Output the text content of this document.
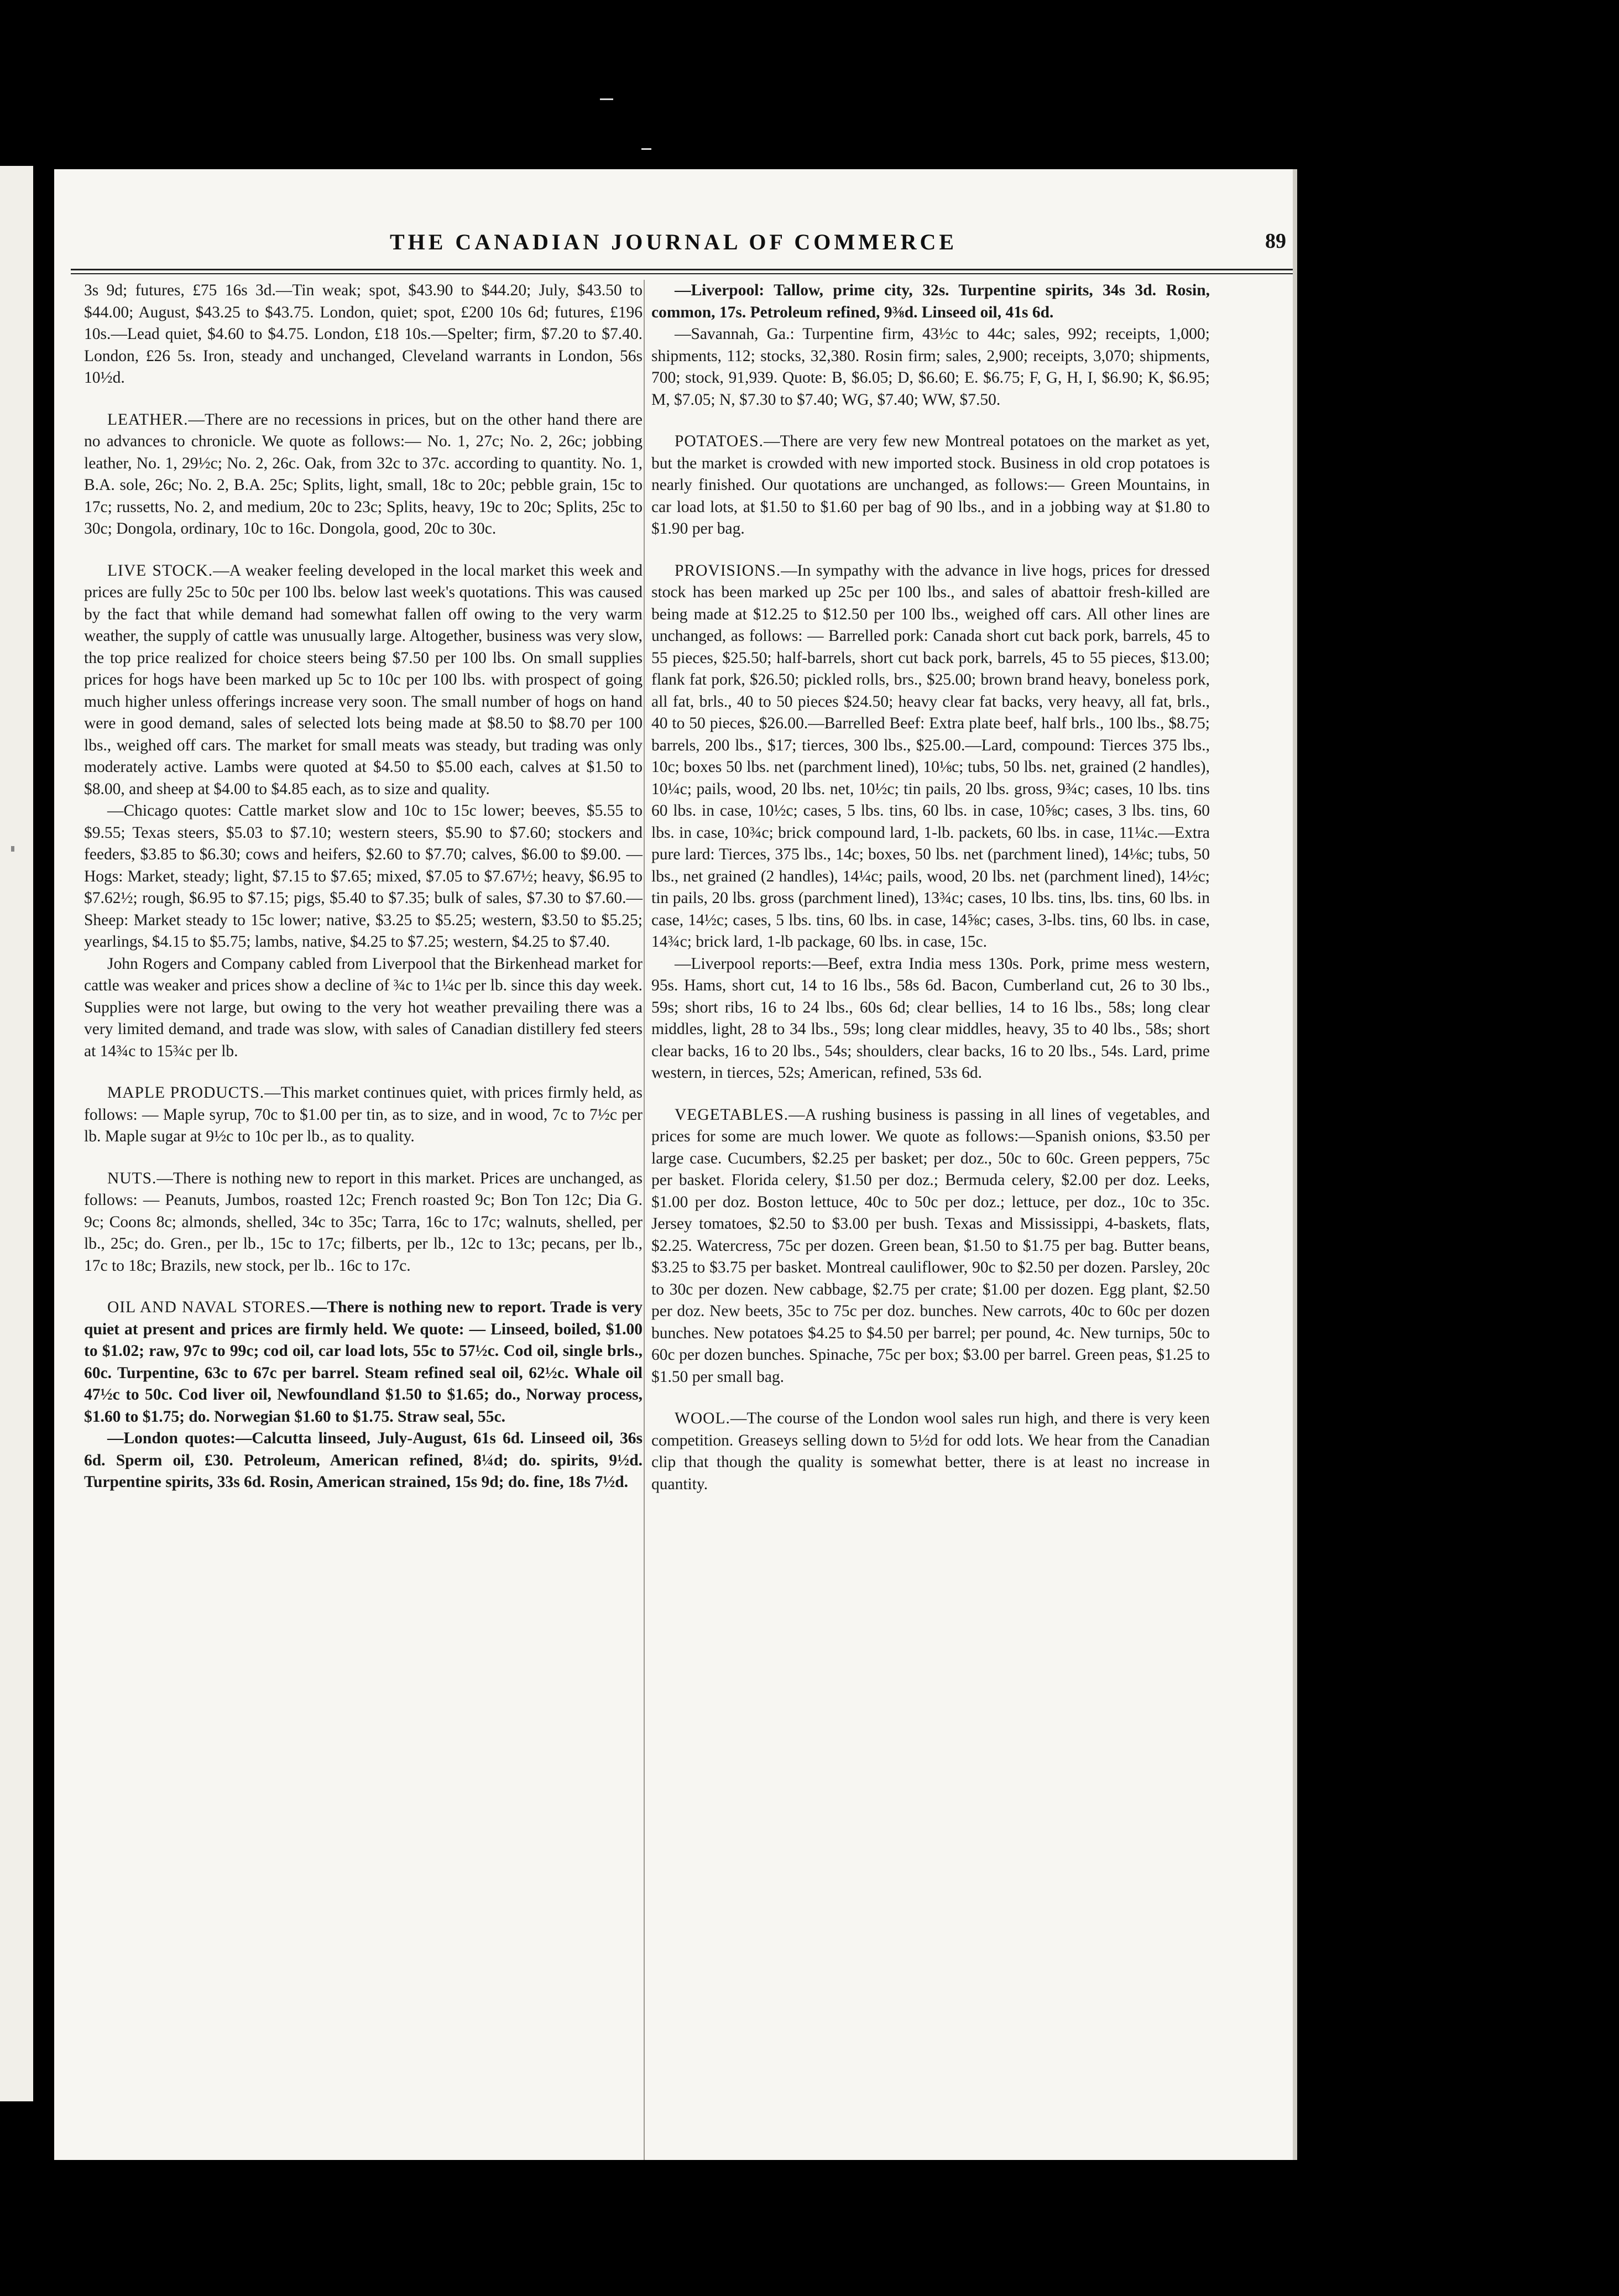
THE CANADIAN JOURNAL OF COMMERCE	89

3s 9d; futures, £75 16s 3d.—Tin weak; spot, $43.90 to $44.20; July, $43.50 to $44.00; August, $43.25 to $43.75. London, quiet; spot, £200 10s 6d; futures, £196 10s.—Lead quiet, $4.60 to $4.75. London, £18 10s.—Spelter; firm, $7.20 to $7.40. London, £26 5s. Iron, steady and unchanged, Cleveland warrants in London, 56s 10½d.

LEATHER.—There are no recessions in prices, but on the other hand there are no advances to chronicle. We quote as follows:— No. 1, 27c; No. 2, 26c; jobbing leather, No. 1, 29½c; No. 2, 26c. Oak, from 32c to 37c. according to quantity. No. 1, B.A. sole, 26c; No. 2, B.A. 25c; Splits, light, small, 18c to 20c; pebble grain, 15c to 17c; russetts, No. 2, and medium, 20c to 23c; Splits, heavy, 19c to 20c; Splits, 25c to 30c; Dongola, ordinary, 10c to 16c. Dongola, good, 20c to 30c.

LIVE STOCK.—A weaker feeling developed in the local market this week and prices are fully 25c to 50c per 100 lbs. below last week's quotations. This was caused by the fact that while demand had somewhat fallen off owing to the very warm weather, the supply of cattle was unusually large. Altogether, business was very slow, the top price realized for choice steers being $7.50 per 100 lbs. On small supplies prices for hogs have been marked up 5c to 10c per 100 lbs. with prospect of going much higher unless offerings increase very soon. The small number of hogs on hand were in good demand, sales of selected lots being made at $8.50 to $8.70 per 100 lbs., weighed off cars. The market for small meats was steady, but trading was only moderately active. Lambs were quoted at $4.50 to $5.00 each, calves at $1.50 to $8.00, and sheep at $4.00 to $4.85 each, as to size and quality.

—Chicago quotes: Cattle market slow and 10c to 15c lower; beeves, $5.55 to $9.55; Texas steers, $5.03 to $7.10; western steers, $5.90 to $7.60; stockers and feeders, $3.85 to $6.30; cows and heifers, $2.60 to $7.70; calves, $6.00 to $9.00. —Hogs: Market, steady; light, $7.15 to $7.65; mixed, $7.05 to $7.67½; heavy, $6.95 to $7.62½; rough, $6.95 to $7.15; pigs, $5.40 to $7.35; bulk of sales, $7.30 to $7.60.—Sheep: Market steady to 15c lower; native, $3.25 to $5.25; western, $3.50 to $5.25; yearlings, $4.15 to $5.75; lambs, native, $4.25 to $7.25; western, $4.25 to $7.40.

John Rogers and Company cabled from Liverpool that the Birkenhead market for cattle was weaker and prices show a decline of ¾c to 1¼c per lb. since this day week. Supplies were not large, but owing to the very hot weather prevailing there was a very limited demand, and trade was slow, with sales of Canadian distillery fed steers at 14¾c to 15¾c per lb.

MAPLE PRODUCTS.—This market continues quiet, with prices firmly held, as follows: — Maple syrup, 70c to $1.00 per tin, as to size, and in wood, 7c to 7½c per lb. Maple sugar at 9½c to 10c per lb., as to quality.

NUTS.—There is nothing new to report in this market. Prices are unchanged, as follows: — Peanuts, Jumbos, roasted 12c; French roasted 9c; Bon Ton 12c; Dia G. 9c; Coons 8c; almonds, shelled, 34c to 35c; Tarra, 16c to 17c; walnuts, shelled, per lb., 25c; do. Gren., per lb., 15c to 17c; filberts, per lb., 12c to 13c; pecans, per lb., 17c to 18c; Brazils, new stock, per lb.. 16c to 17c.

OIL AND NAVAL STORES.—There is nothing new to report. Trade is very quiet at present and prices are firmly held. We quote: — Linseed, boiled, $1.00 to $1.02; raw, 97c to 99c; cod oil, car load lots, 55c to 57½c. Cod oil, single brls., 60c. Turpentine, 63c to 67c per barrel. Steam refined seal oil, 62½c. Whale oil 47½c to 50c. Cod liver oil, Newfoundland $1.50 to $1.65; do., Norway process, $1.60 to $1.75; do. Norwegian $1.60 to $1.75. Straw seal, 55c.

—London quotes:—Calcutta linseed, July-August, 61s 6d. Linseed oil, 36s 6d. Sperm oil, £30. Petroleum, American refined, 8¼d; do. spirits, 9½d. Turpentine spirits, 33s 6d. Rosin, American strained, 15s 9d; do. fine, 18s 7½d.

—Liverpool: Tallow, prime city, 32s. Turpentine spirits, 34s 3d. Rosin, common, 17s. Petroleum refined, 9⅜d. Linseed oil, 41s 6d.

—Savannah, Ga.: Turpentine firm, 43½c to 44c; sales, 992; receipts, 1,000; shipments, 112; stocks, 32,380. Rosin firm; sales, 2,900; receipts, 3,070; shipments, 700; stock, 91,939. Quote: B, $6.05; D, $6.60; E. $6.75; F, G, H, I, $6.90; K, $6.95; M, $7.05; N, $7.30 to $7.40; WG, $7.40; WW, $7.50.

POTATOES.—There are very few new Montreal potatoes on the market as yet, but the market is crowded with new imported stock. Business in old crop potatoes is nearly finished. Our quotations are unchanged, as follows:— Green Mountains, in car load lots, at $1.50 to $1.60 per bag of 90 lbs., and in a jobbing way at $1.80 to $1.90 per bag.

PROVISIONS.—In sympathy with the advance in live hogs, prices for dressed stock has been marked up 25c per 100 lbs., and sales of abattoir fresh-killed are being made at $12.25 to $12.50 per 100 lbs., weighed off cars. All other lines are unchanged, as follows: — Barrelled pork: Canada short cut back pork, barrels, 45 to 55 pieces, $25.50; half-barrels, short cut back pork, barrels, 45 to 55 pieces, $13.00; flank fat pork, $26.50; pickled rolls, brs., $25.00; brown brand heavy, boneless pork, all fat, brls., 40 to 50 pieces $24.50; heavy clear fat backs, very heavy, all fat, brls., 40 to 50 pieces, $26.00.—Barrelled Beef: Extra plate beef, half brls., 100 lbs., $8.75; barrels, 200 lbs., $17; tierces, 300 lbs., $25.00.—Lard, compound: Tierces 375 lbs., 10c; boxes 50 lbs. net (parchment lined), 10⅛c; tubs, 50 lbs. net, grained (2 handles), 10¼c; pails, wood, 20 lbs. net, 10½c; tin pails, 20 lbs. gross, 9¾c; cases, 10 lbs. tins 60 lbs. in case, 10½c; cases, 5 lbs. tins, 60 lbs. in case, 10⅝c; cases, 3 lbs. tins, 60 lbs. in case, 10¾c; brick compound lard, 1-lb. packets, 60 lbs. in case, 11¼c.—Extra pure lard: Tierces, 375 lbs., 14c; boxes, 50 lbs. net (parchment lined), 14⅛c; tubs, 50 lbs., net grained (2 handles), 14¼c; pails, wood, 20 lbs. net (parchment lined), 14½c; tin pails, 20 lbs. gross (parchment lined), 13¾c; cases, 10 lbs. tins, lbs. tins, 60 lbs. in case, 14½c; cases, 5 lbs. tins, 60 lbs. in case, 14⅝c; cases, 3-lbs. tins, 60 lbs. in case, 14¾c; brick lard, 1-lb package, 60 lbs. in case, 15c.

—Liverpool reports:—Beef, extra India mess 130s. Pork, prime mess western, 95s. Hams, short cut, 14 to 16 lbs., 58s 6d. Bacon, Cumberland cut, 26 to 30 lbs., 59s; short ribs, 16 to 24 lbs., 60s 6d; clear bellies, 14 to 16 lbs., 58s; long clear middles, light, 28 to 34 lbs., 59s; long clear middles, heavy, 35 to 40 lbs., 58s; short clear backs, 16 to 20 lbs., 54s; shoulders, clear backs, 16 to 20 lbs., 54s. Lard, prime western, in tierces, 52s; American, refined, 53s 6d.

VEGETABLES.—A rushing business is passing in all lines of vegetables, and prices for some are much lower. We quote as follows:—Spanish onions, $3.50 per large case. Cucumbers, $2.25 per basket; per doz., 50c to 60c. Green peppers, 75c per basket. Florida celery, $1.50 per doz.; Bermuda celery, $2.00 per doz. Leeks, $1.00 per doz. Boston lettuce, 40c to 50c per doz.; lettuce, per doz., 10c to 35c. Jersey tomatoes, $2.50 to $3.00 per bush. Texas and Mississippi, 4-baskets, flats, $2.25. Watercress, 75c per dozen. Green bean, $1.50 to $1.75 per bag. Butter beans, $3.25 to $3.75 per basket. Montreal cauliflower, 90c to $2.50 per dozen. Parsley, 20c to 30c per dozen. New cabbage, $2.75 per crate; $1.00 per dozen. Egg plant, $2.50 per doz. New beets, 35c to 75c per doz. bunches. New carrots, 40c to 60c per dozen bunches. New potatoes $4.25 to $4.50 per barrel; per pound, 4c. New turnips, 50c to 60c per dozen bunches. Spinache, 75c per box; $3.00 per barrel. Green peas, $1.25 to $1.50 per small bag.

WOOL.—The course of the London wool sales run high, and there is very keen competition. Greaseys selling down to 5½d for odd lots. We hear from the Canadian clip that though the quality is somewhat better, there is at least no increase in quantity.
